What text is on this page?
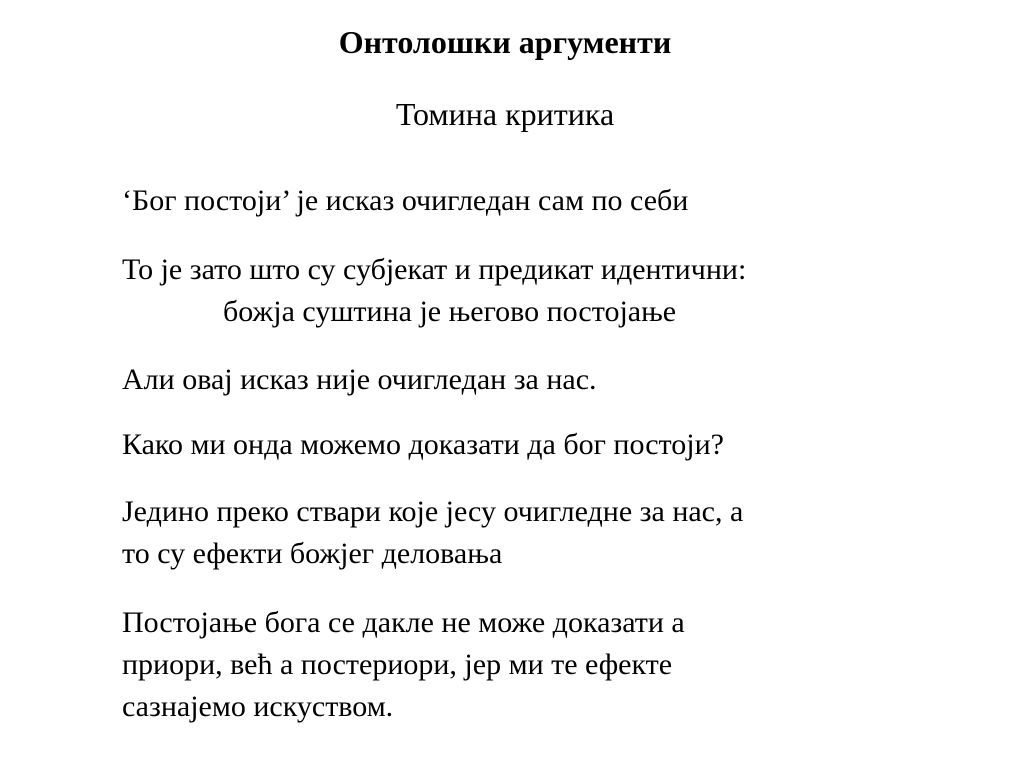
Онтолошки аргументи
Томина критика
‘Бог постоји’ је исказ очигледан сам по себи
То је зато што су субјекат и предикат идентични:
божја суштина је његово постојање
Али овај исказ није очигледан за нас.
Како ми онда можемо доказати да бог постоји?
Једино преко ствари које јесу очигледне за нас, а
то су ефекти божјег деловања
Постојање бога се дакле не може доказати а
приори, већ а постериори, јер ми те ефекте
сазнајемо искуством.
